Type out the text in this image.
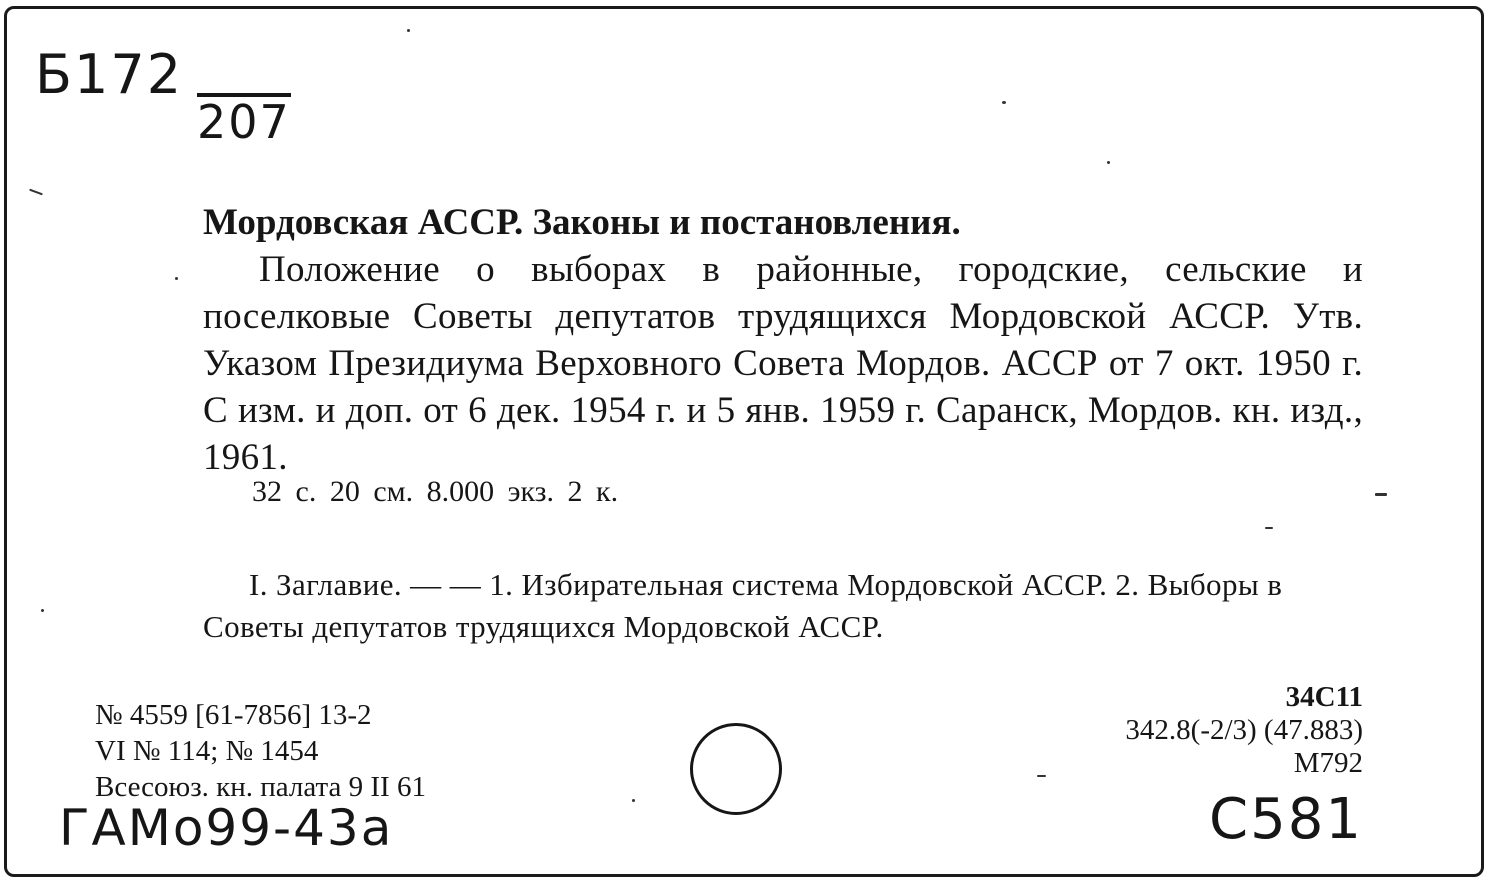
Б172
207
Мордовская АССР. Законы и постановления.
Положение о выборах в районные, городские, сельские и поселковые Советы депутатов трудящихся Мордовской АССР. Утв. Указом Президиума Верховного Совета Мордов. АССР от 7 окт. 1950 г. С изм. и доп. от 6 дек. 1954 г. и 5 янв. 1959 г. Саранск, Мордов. кн. изд., 1961.
32 с. 20 см. 8.000 экз. 2 к.
I. Заглавие. — — 1. Избирательная система Мордовской АССР. 2. Выборы в Советы депутатов трудящихся Мордовской АССР.
№ 4559 [61-7856] 13-2
VI № 114; № 1454
Всесоюз. кн. палата 9 II 61
34С11
342.8(-2/3) (47.883)
М792
ГАМо99-43а	С581
